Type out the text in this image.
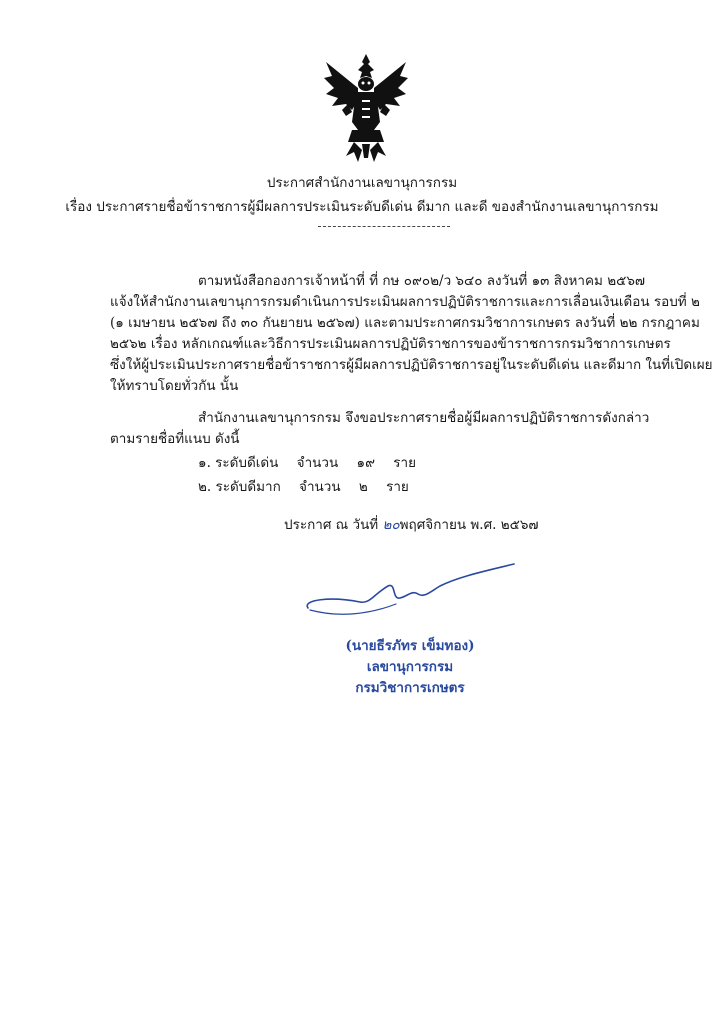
ประกาศสำนักงานเลขานุการกรม
เรื่อง ประกาศรายชื่อข้าราชการผู้มีผลการประเมินระดับดีเด่น ดีมาก และดี ของสำนักงานเลขานุการกรม
ตามหนังสือกองการเจ้าหน้าที่ ที่ กษ ๐๙๐๒/ว ๖๔๐ ลงวันที่ ๑๓ สิงหาคม ๒๕๖๗
แจ้งให้สำนักงานเลขานุการกรมดำเนินการประเมินผลการปฏิบัติราชการและการเลื่อนเงินเดือน รอบที่ ๒
(๑ เมษายน ๒๕๖๗ ถึง ๓๐ กันยายน ๒๕๖๗) และตามประกาศกรมวิชาการเกษตร ลงวันที่ ๒๒ กรกฎาคม
๒๕๖๒ เรื่อง หลักเกณฑ์และวิธีการประเมินผลการปฏิบัติราชการของข้าราชการกรมวิชาการเกษตร
ซึ่งให้ผู้ประเมินประกาศรายชื่อข้าราชการผู้มีผลการปฏิบัติราชการอยู่ในระดับดีเด่น และดีมาก ในที่เปิดเผย
ให้ทราบโดยทั่วกัน นั้น
สำนักงานเลขานุการกรม จึงขอประกาศรายชื่อผู้มีผลการปฏิบัติราชการดังกล่าว
ตามรายชื่อที่แนบ ดังนี้
๑. ระดับดีเด่น จำนวน ๑๙ ราย
๒. ระดับดีมาก จำนวน ๒ ราย
ประกาศ ณ วันที่ ๒๐พฤศจิกายน พ.ศ. ๒๕๖๗
(นายธีรภัทร เข็มทอง)
เลขานุการกรม
กรมวิชาการเกษตร
